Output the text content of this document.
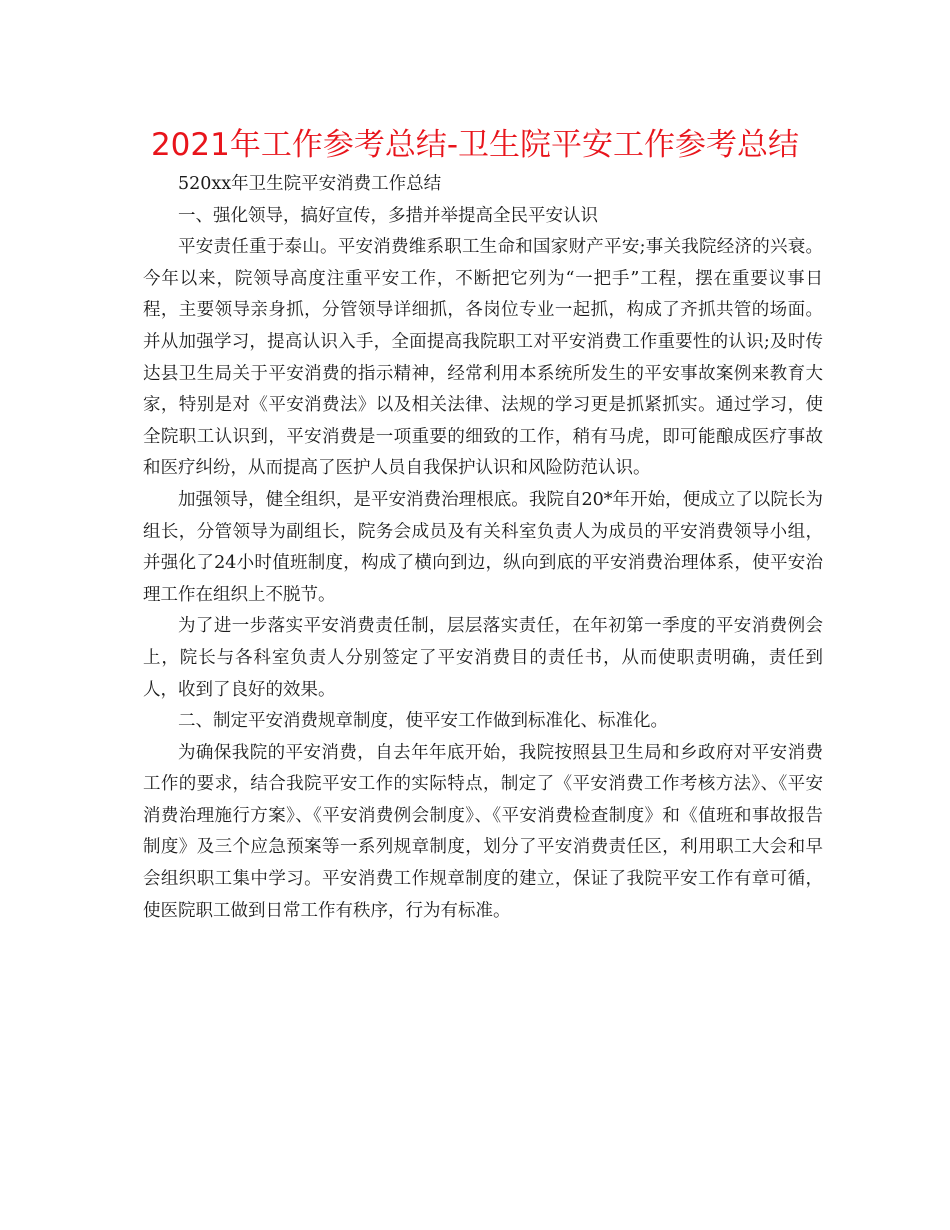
2021年工作参考总结-卫生院平安工作参考总结

520xx年卫生院平安消费工作总结

一、强化领导，搞好宣传，多措并举提高全民平安认识

平安责任重于泰山。平安消费维系职工生命和国家财产平安;事关我院经济的兴衰。今年以来，院领导高度注重平安工作，不断把它列为“一把手”工程，摆在重要议事日程，主要领导亲身抓，分管领导详细抓，各岗位专业一起抓，构成了齐抓共管的场面。并从加强学习，提高认识入手，全面提高我院职工对平安消费工作重要性的认识;及时传达县卫生局关于平安消费的指示精神，经常利用本系统所发生的平安事故案例来教育大家，特别是对《平安消费法》以及相关法律、法规的学习更是抓紧抓实。通过学习，使全院职工认识到，平安消费是一项重要的细致的工作，稍有马虎，即可能酿成医疗事故和医疗纠纷，从而提高了医护人员自我保护认识和风险防范认识。

加强领导，健全组织，是平安消费治理根底。我院自20*年开始，便成立了以院长为组长，分管领导为副组长，院务会成员及有关科室负责人为成员的平安消费领导小组，并强化了24小时值班制度，构成了横向到边，纵向到底的平安消费治理体系，使平安治理工作在组织上不脱节。

为了进一步落实平安消费责任制，层层落实责任，在年初第一季度的平安消费例会上，院长与各科室负责人分别签定了平安消费目的责任书，从而使职责明确，责任到人，收到了良好的效果。

二、制定平安消费规章制度，使平安工作做到标准化、标准化。

为确保我院的平安消费，自去年年底开始，我院按照县卫生局和乡政府对平安消费工作的要求，结合我院平安工作的实际特点，制定了《平安消费工作考核方法》、《平安消费治理施行方案》、《平安消费例会制度》、《平安消费检查制度》和《值班和事故报告制度》及三个应急预案等一系列规章制度，划分了平安消费责任区，利用职工大会和早会组织职工集中学习。平安消费工作规章制度的建立，保证了我院平安工作有章可循，使医院职工做到日常工作有秩序，行为有标准。
